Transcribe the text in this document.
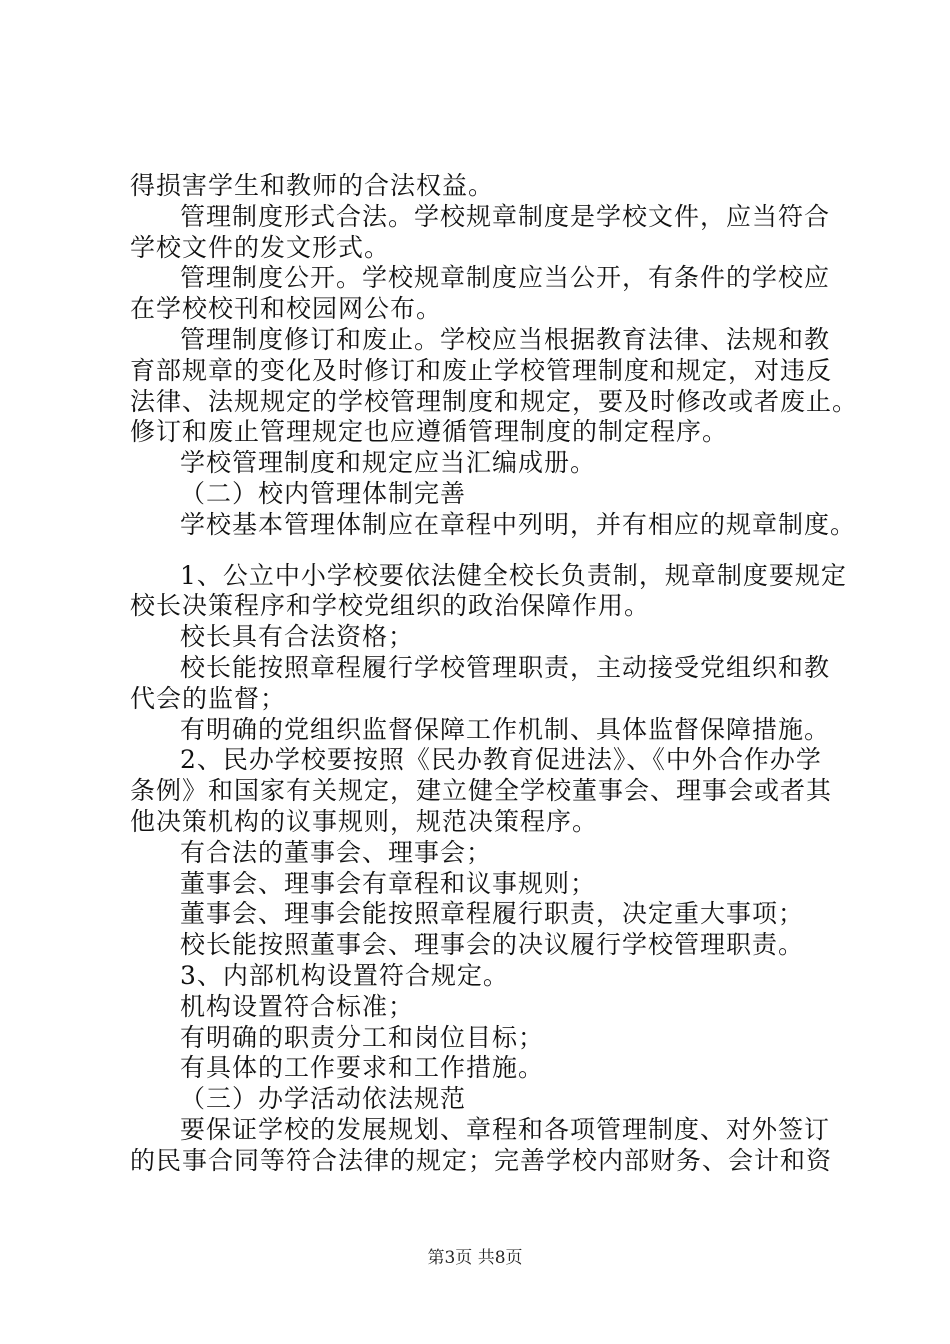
得损害学生和教师的合法权益。
管理制度形式合法。学校规章制度是学校文件，应当符合
学校文件的发文形式。
管理制度公开。学校规章制度应当公开，有条件的学校应
在学校校刊和校园网公布。
管理制度修订和废止。学校应当根据教育法律、法规和教
育部规章的变化及时修订和废止学校管理制度和规定，对违反
法律、法规规定的学校管理制度和规定，要及时修改或者废止。
修订和废止管理规定也应遵循管理制度的制定程序。
学校管理制度和规定应当汇编成册。
（二）校内管理体制完善
学校基本管理体制应在章程中列明，并有相应的规章制度。
1、公立中小学校要依法健全校长负责制，规章制度要规定
校长决策程序和学校党组织的政治保障作用。
校长具有合法资格；
校长能按照章程履行学校管理职责，主动接受党组织和教
代会的监督；
有明确的党组织监督保障工作机制、具体监督保障措施。
2、民办学校要按照《民办教育促进法》、《中外合作办学
条例》和国家有关规定，建立健全学校董事会、理事会或者其
他决策机构的议事规则，规范决策程序。
有合法的董事会、理事会；
董事会、理事会有章程和议事规则；
董事会、理事会能按照章程履行职责，决定重大事项；
校长能按照董事会、理事会的决议履行学校管理职责。
3、内部机构设置符合规定。
机构设置符合标准；
有明确的职责分工和岗位目标；
有具体的工作要求和工作措施。
（三）办学活动依法规范
要保证学校的发展规划、章程和各项管理制度、对外签订
的民事合同等符合法律的规定；完善学校内部财务、会计和资
第3页 共8页
